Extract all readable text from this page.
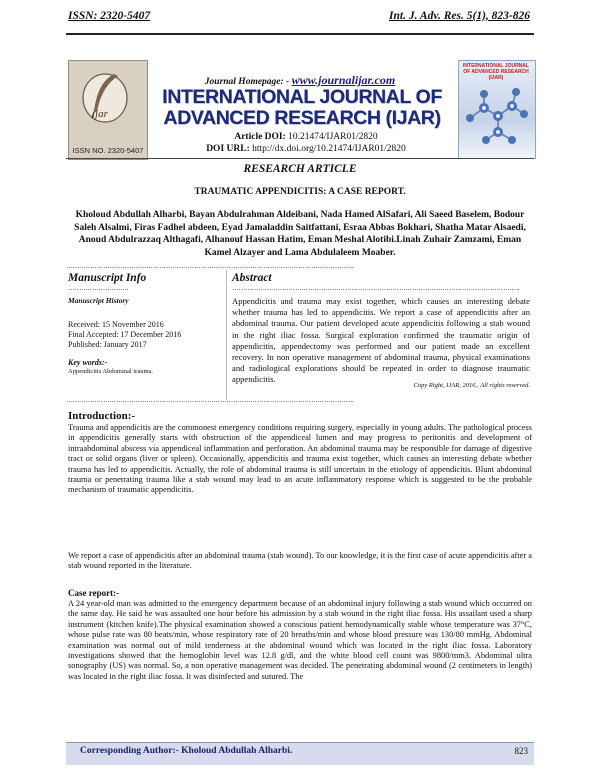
ISSN: 2320-5407	Int. J. Adv. Res. 5(1), 823-826
ijar
ISSN NO. 2320-5407
Journal Homepage: - www.journalijar.com
INTERNATIONAL JOURNAL OF
ADVANCED RESEARCH (IJAR)
Article DOI: 10.21474/IJAR01/2820
DOI URL: http://dx.doi.org/10.21474/IJAR01/2820
INTERNATIONAL JOURNAL OF ADVANCED RESEARCH (IJAR)
RESEARCH ARTICLE
TRAUMATIC APPENDICITIS: A CASE REPORT.
Kholoud Abdullah Alharbi, Bayan Abdulrahman Aldeibani, Nada Hamed AlSafari, Ali Saeed Baselem, Bodour Saleh Alsalmi, Firas Fadhel abdeen, Eyad Jamaladdin Saitfattani, Esraa Abbas Bokhari, Shatha Matar Alsaedi, Anoud Abdulrazzaq Althagafi, Alhanouf Hassan Hatim, Eman Meshal Alotibi.Linah Zuhair Zamzami, Eman Kamel Alzayer and Lama Abdulaleem Moaber.
…………………………………………………………………………………………………………………….
Manuscript Info
……………………….
Manuscript History
Received: 15 November 2016
Final Accepted: 17 December 2016
Published: January 2017
Key words:-
Appendicitis Abdominal trauma.
Abstract
…………………………………………………………………………………………………………………….
Appendicitis and trauma may exist together, which causes an interesting debate whether trauma has led to appendicitis. We report a case of appendicitis after an abdominal trauma. Our patient developed acute appendicitis following a stab wound in the right iliac fossa. Surgical exploration confirmed the traumatic origin of appendicitis, appendectomy was performed and our patient made an excellent recovery. In non operative management of abdominal trauma, physical examinations and radiological explorations should be repeated in order to diagnose traumatic appendicitis.
Copy Right, IJAR, 2016,. All rights reserved.
…………………………………………………………………………………………………………………….
Introduction:-
Trauma and appendicitis are the commonest emergency conditions requiring surgery, especially in young adults. The pathological process in appendicitis generally starts with obstruction of the appendiceal lumen and may progress to peritonitis and development of intraabdominal abscess via appendiceal inflammation and perforation. An abdominal trauma may be responsible for damage of digestive tract or solid organs (liver or spleen). Occasionally, appendicitis and trauma exist together, which causes an interesting debate whether trauma has led to appendicitis. Actually, the role of abdominal trauma is still uncertain in the etiology of appendicitis. Blunt abdominal trauma or penetrating trauma like a stab wound may lead to an acute inflammatory response which is suggested to be the probable mechanism of traumatic appendicitis.
We report a case of appendicitis after an abdominal trauma (stab wound). To our knowledge, it is the first case of acute appendicitis after a stab wound reported in the literature.
Case report:-
A 24 year-old man was admitted to the emergency department because of an abdominal injury following a stab wound which occurred on the same day. He said he was assaulted one hour before his admission by a stab wound in the right iliac fossa. His assailant used a sharp instrument (kitchen knife).The physical examination showed a conscious patient hemodynamically stable whose temperature was 37°C, whose pulse rate was 80 beats/min, whose respiratory rate of 20 breaths/min and whose blood pressure was 130/80 mmHg. Abdominal examination was normal out of mild tenderness at the abdominal wound which was located in the right iliac fossa. Laboratory investigations showed that the hemoglobin level was 12.8 g/dl, and the white blood cell count was 9800/mm3. Abdominal ultra sonography (US) was normal. So, a non operative management was decided. The penetrating abdominal wound (2 centimeters in length) was located in the right iliac fossa. It was disinfected and sutured. The
Corresponding Author:- Kholoud Abdullah Alharbi.	823
